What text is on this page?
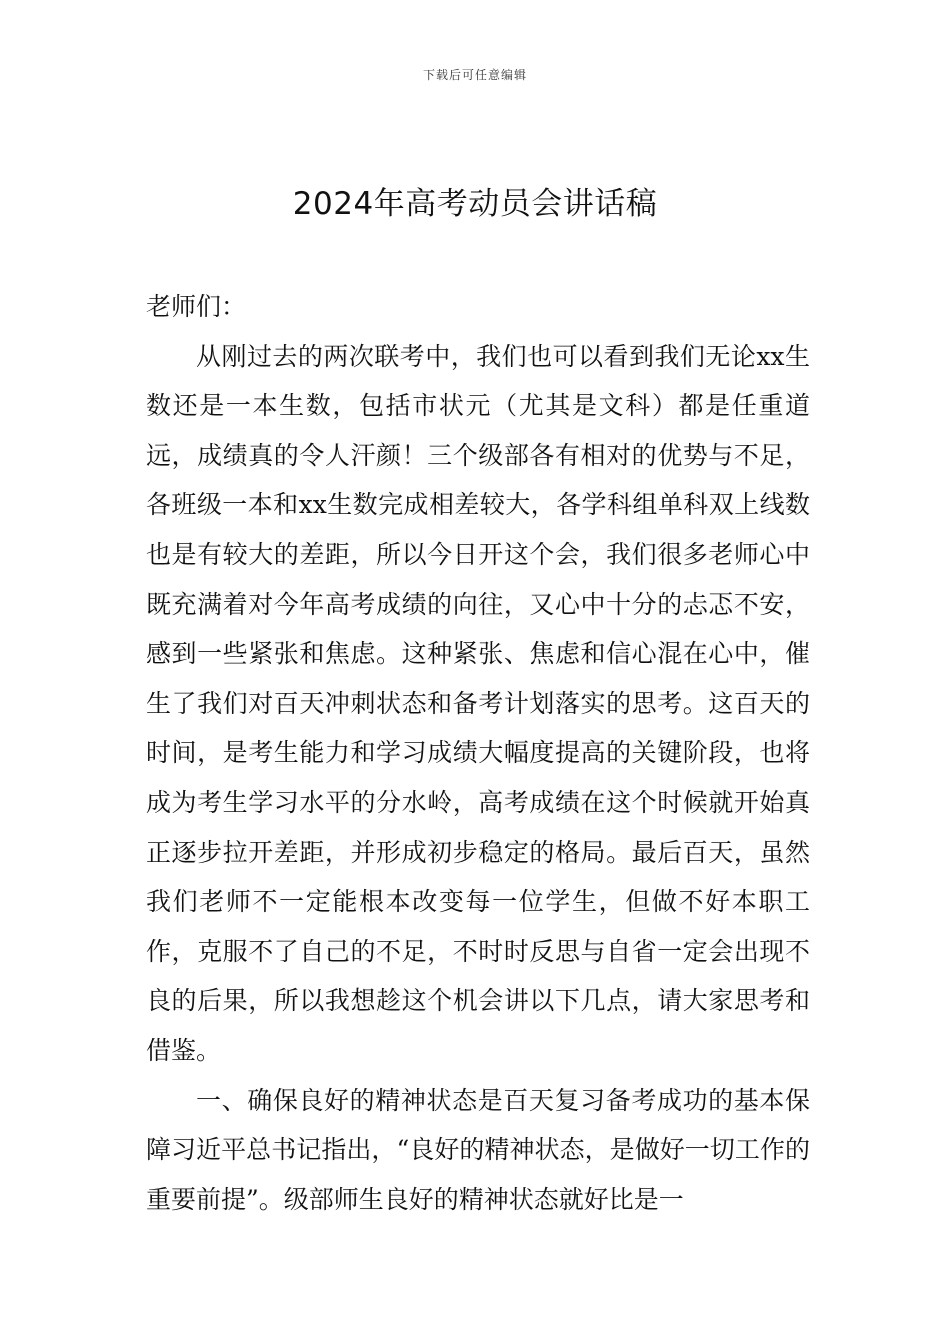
下载后可任意编辑
2024年高考动员会讲话稿

老师们：

从刚过去的两次联考中，我们也可以看到我们无论xx生数还是一本生数，包括市状元（尤其是文科）都是任重道远，成绩真的令人汗颜！三个级部各有相对的优势与不足，各班级一本和xx生数完成相差较大，各学科组单科双上线数也是有较大的差距，所以今日开这个会，我们很多老师心中既充满着对今年高考成绩的向往，又心中十分的忐忑不安，感到一些紧张和焦虑。这种紧张、焦虑和信心混在心中，催生了我们对百天冲刺状态和备考计划落实的思考。这百天的时间，是考生能力和学习成绩大幅度提高的关键阶段，也将成为考生学习水平的分水岭，高考成绩在这个时候就开始真正逐步拉开差距，并形成初步稳定的格局。最后百天，虽然我们老师不一定能根本改变每一位学生，但做不好本职工作，克服不了自己的不足，不时时反思与自省一定会出现不良的后果，所以我想趁这个机会讲以下几点，请大家思考和借鉴。

一、确保良好的精神状态是百天复习备考成功的基本保障习近平总书记指出，“良好的精神状态，是做好一切工作的重要前提”。级部师生良好的精神状态就好比是一
